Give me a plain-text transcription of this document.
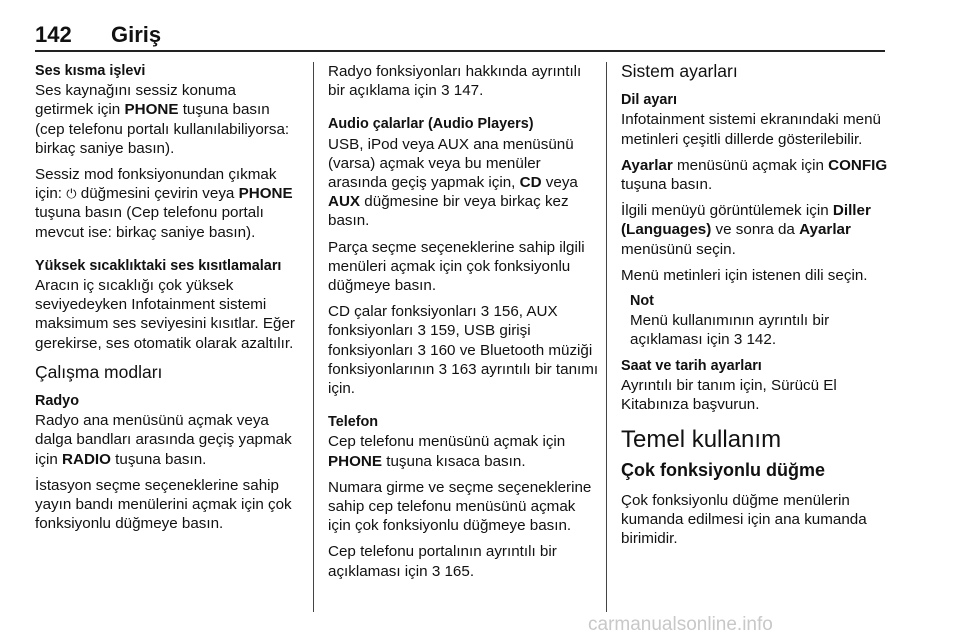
142 Giriş
Ses kısma işlevi

Ses kaynağını sessiz konuma getirmek için PHONE tuşuna basın (cep telefonu portalı kullanılabiliyorsa: birkaç saniye basın).

Sessiz mod fonksiyonundan çıkmak için: ⏻ düğmesini çevirin veya PHONE tuşuna basın (Cep telefonu portalı mevcut ise: birkaç saniye basın).

Yüksek sıcaklıktaki ses kısıtlamaları

Aracın iç sıcaklığı çok yüksek seviyedeyken Infotainment sistemi maksimum ses seviyesini kısıtlar. Eğer gerekirse, ses otomatik olarak azaltılır.

Çalışma modları
Radyo

Radyo ana menüsünü açmak veya dalga bandları arasında geçiş yapmak için RADIO tuşuna basın.

İstasyon seçme seçeneklerine sahip yayın bandı menülerini açmak için çok fonksiyonlu düğmeye basın.

Radyo fonksiyonları hakkında ayrıntılı bir açıklama için 3 147.

Audio çalarlar (Audio Players)

USB, iPod veya AUX ana menüsünü (varsa) açmak veya bu menüler arasında geçiş yapmak için, CD veya AUX düğmesine bir veya birkaç kez basın.

Parça seçme seçeneklerine sahip ilgili menüleri açmak için çok fonksiyonlu düğmeye basın.

CD çalar fonksiyonları 3 156, AUX fonksiyonları 3 159, USB girişi fonksiyonları 3 160 ve Bluetooth müziği fonksiyonlarının 3 163 ayrıntılı bir tanımı için.

Telefon

Cep telefonu menüsünü açmak için PHONE tuşuna kısaca basın.

Numara girme ve seçme seçeneklerine sahip cep telefonu menüsünü açmak için çok fonksiyonlu düğmeye basın.

Cep telefonu portalının ayrıntılı bir açıklaması için 3 165.

Sistem ayarları
Dil ayarı

Infotainment sistemi ekranındaki menü metinleri çeşitli dillerde gösterilebilir.

Ayarlar menüsünü açmak için CONFIG tuşuna basın.

İlgili menüyü görüntülemek için Diller (Languages) ve sonra da Ayarlar menüsünü seçin.

Menü metinleri için istenen dili seçin.

Not

Menü kullanımının ayrıntılı bir açıklaması için 3 142.

Saat ve tarih ayarları

Ayrıntılı bir tanım için, Sürücü El Kitabınıza başvurun.

Temel kullanım
Çok fonksiyonlu düğme

Çok fonksiyonlu düğme menülerin kumanda edilmesi için ana kumanda birimidir.

carmanualsonline.info
